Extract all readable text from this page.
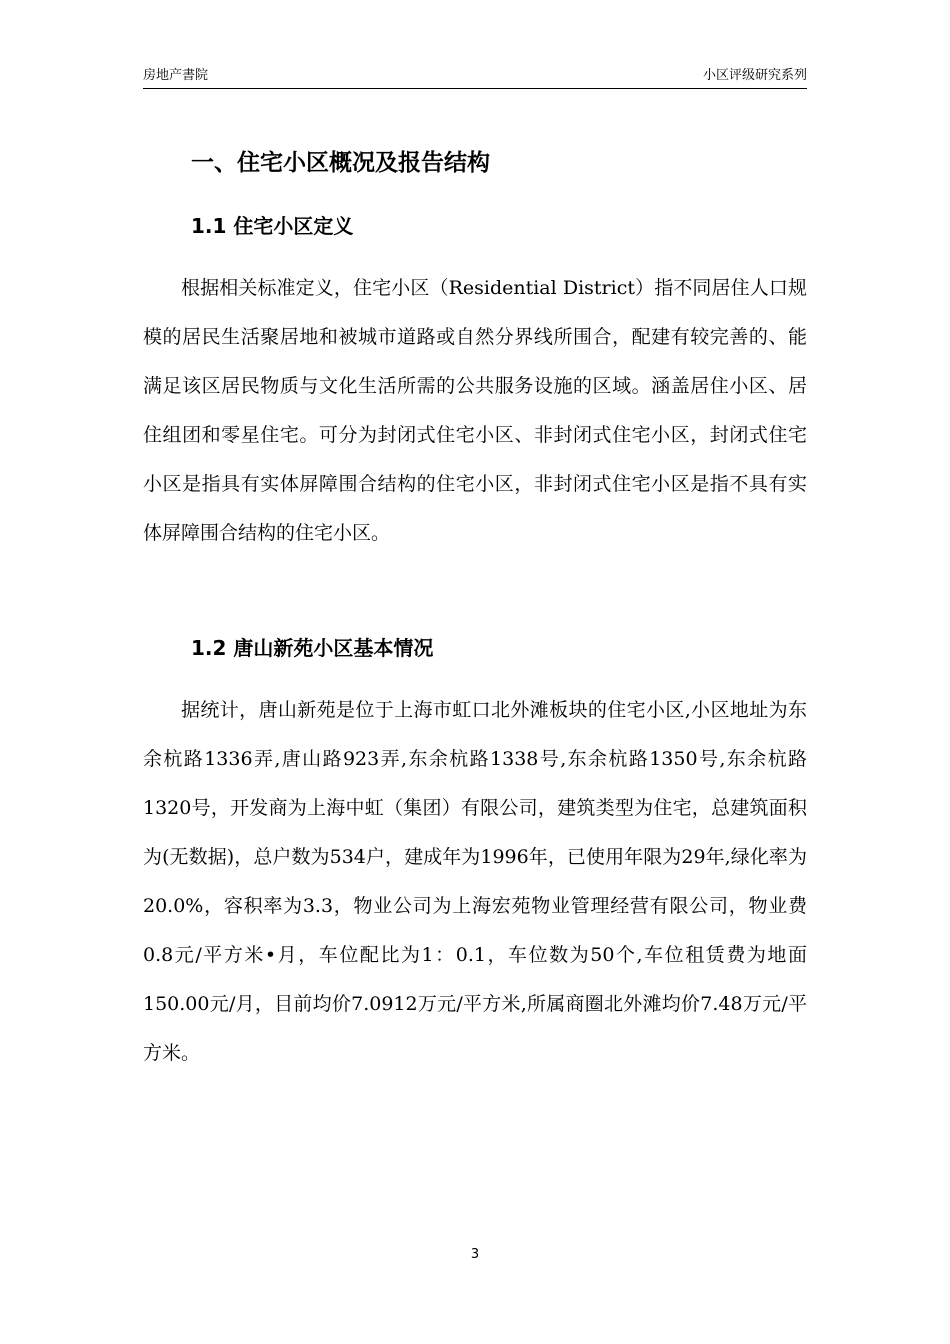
房地产書院	小区评级研究系列
一、住宅小区概况及报告结构
1.1 住宅小区定义

根据相关标准定义，住宅小区（Residential District）指不同居住人口规模的居民生活聚居地和被城市道路或自然分界线所围合，配建有较完善的、能满足该区居民物质与文化生活所需的公共服务设施的区域。涵盖居住小区、居住组团和零星住宅。可分为封闭式住宅小区、非封闭式住宅小区，封闭式住宅小区是指具有实体屏障围合结构的住宅小区，非封闭式住宅小区是指不具有实体屏障围合结构的住宅小区。

1.2 唐山新苑小区基本情况

据统计，唐山新苑是位于上海市虹口北外滩板块的住宅小区,小区地址为东余杭路1336弄,唐山路923弄,东余杭路1338号,东余杭路1350号,东余杭路1320号，开发商为上海中虹（集团）有限公司，建筑类型为住宅，总建筑面积为(无数据)，总户数为534户，建成年为1996年，已使用年限为29年,绿化率为20.0%，容积率为3.3，物业公司为上海宏苑物业管理经营有限公司，物业费0.8元/平方米•月，车位配比为1：0.1，车位数为50个,车位租赁费为地面150.00元/月，目前均价7.0912万元/平方米,所属商圈北外滩均价7.48万元/平方米。

3
